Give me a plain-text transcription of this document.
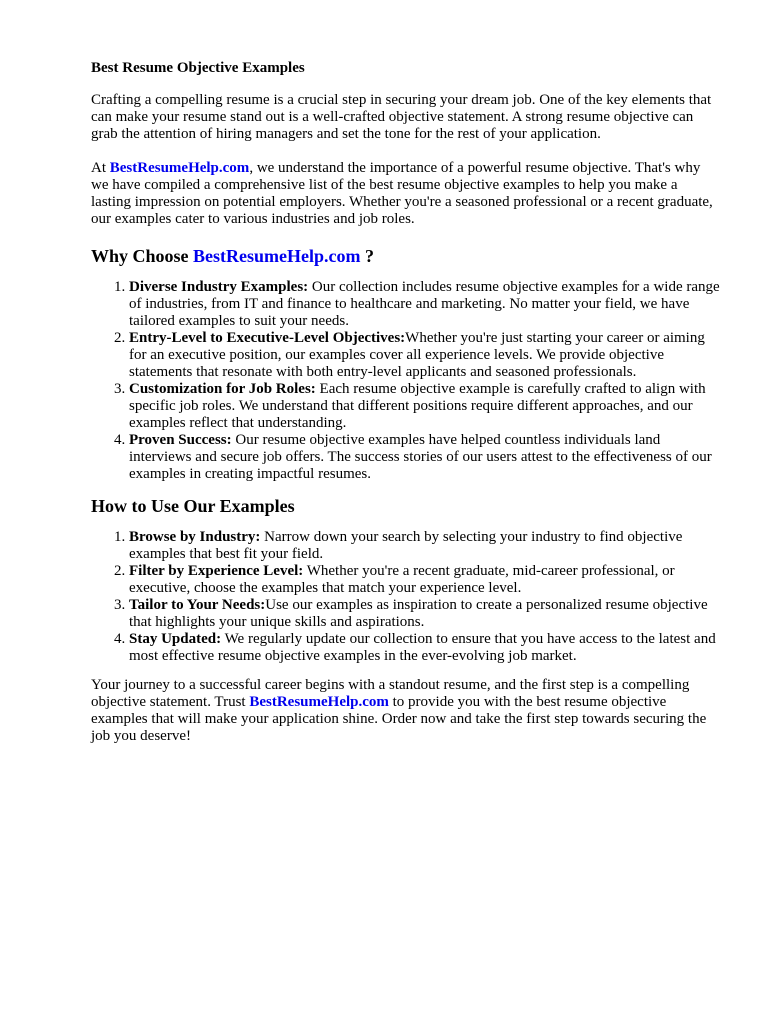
Best Resume Objective Examples

Crafting a compelling resume is a crucial step in securing your dream job. One of the key elements that can make your resume stand out is a well-crafted objective statement. A strong resume objective can grab the attention of hiring managers and set the tone for the rest of your application.

At BestResumeHelp.com, we understand the importance of a powerful resume objective. That's why we have compiled a comprehensive list of the best resume objective examples to help you make a lasting impression on potential employers. Whether you're a seasoned professional or a recent graduate, our examples cater to various industries and job roles.

Why Choose BestResumeHelp.com ?
1. Diverse Industry Examples: Our collection includes resume objective examples for a wide range of industries, from IT and finance to healthcare and marketing. No matter your field, we have tailored examples to suit your needs.
2. Entry-Level to Executive-Level Objectives:Whether you're just starting your career or aiming for an executive position, our examples cover all experience levels. We provide objective statements that resonate with both entry-level applicants and seasoned professionals.
3. Customization for Job Roles: Each resume objective example is carefully crafted to align with specific job roles. We understand that different positions require different approaches, and our examples reflect that understanding.
4. Proven Success: Our resume objective examples have helped countless individuals land interviews and secure job offers. The success stories of our users attest to the effectiveness of our examples in creating impactful resumes.
How to Use Our Examples
1. Browse by Industry: Narrow down your search by selecting your industry to find objective examples that best fit your field.
2. Filter by Experience Level: Whether you're a recent graduate, mid-career professional, or executive, choose the examples that match your experience level.
3. Tailor to Your Needs:Use our examples as inspiration to create a personalized resume objective that highlights your unique skills and aspirations.
4. Stay Updated: We regularly update our collection to ensure that you have access to the latest and most effective resume objective examples in the ever-evolving job market.

Your journey to a successful career begins with a standout resume, and the first step is a compelling objective statement. Trust BestResumeHelp.com to provide you with the best resume objective examples that will make your application shine. Order now and take the first step towards securing the job you deserve!
